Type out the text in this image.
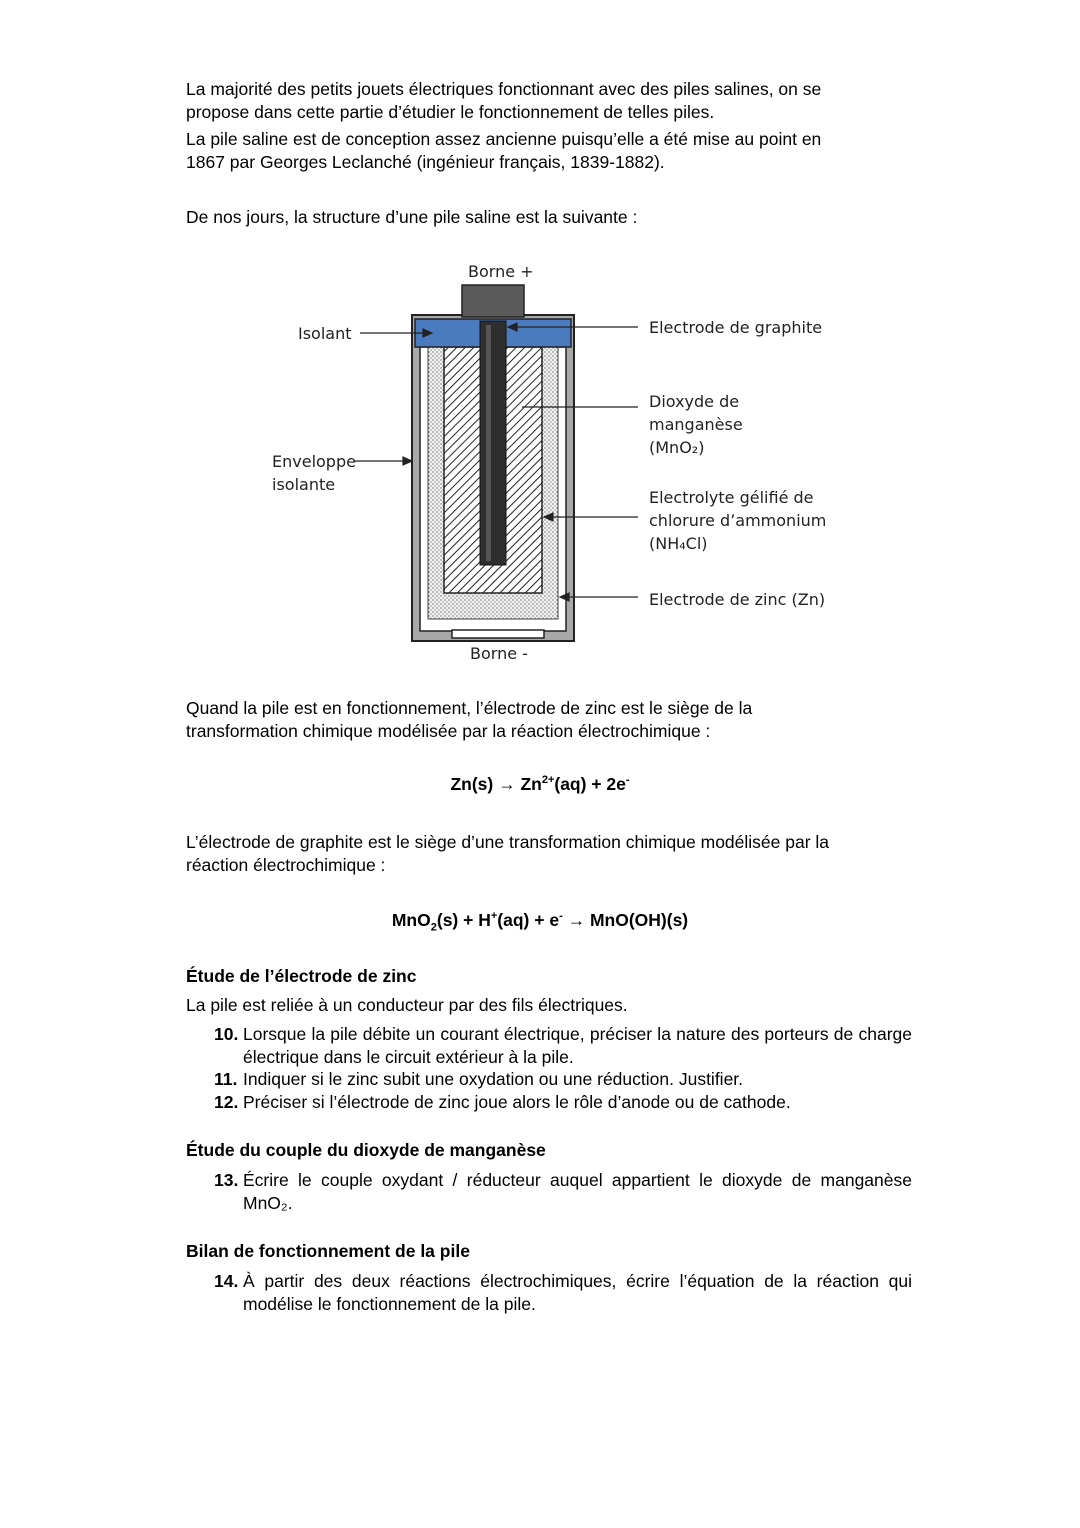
La majorité des petits jouets électriques fonctionnant avec des piles salines, on se
propose dans cette partie d’étudier le fonctionnement de telles piles.

La pile saline est de conception assez ancienne puisqu’elle a été mise au point en
1867 par Georges Leclanché (ingénieur français, 1839-1882).

De nos jours, la structure d’une pile saline est la suivante :

Borne +
Borne -
Isolant
Enveloppe
isolante
Electrode de graphite
Dioxyde de
manganèse
(MnO₂)
Electrolyte gélifié de
chlorure d’ammonium
(NH₄Cl)
Electrode de zinc (Zn)

Quand la pile est en fonctionnement, l’électrode de zinc est le siège de la
transformation chimique modélisée par la réaction électrochimique :

$Zn(s) \to Zn^{2+}(aq) + 2e^-$

L’électrode de graphite est le siège d’une transformation chimique modélisée par la
réaction électrochimique :

MnO$_2$(s) + H+(aq) + e- → MnO(OH)(s)

Étude de l’électrode de zinc

La pile est reliée à un conducteur par des fils électriques.

10. Lorsque la pile débite un courant électrique, préciser la nature des porteurs de charge électrique dans le circuit extérieur à la pile.
11. Indiquer si le zinc subit une oxydation ou une réduction. Justifier.
12. Préciser si l’électrode de zinc joue alors le rôle d’anode ou de cathode.

Étude du couple du dioxyde de manganèse

13. Écrire le couple oxydant / réducteur auquel appartient le dioxyde de manganèse MnO₂.

Bilan de fonctionnement de la pile

14. À partir des deux réactions électrochimiques, écrire l’équation de la réaction qui modélise le fonctionnement de la pile.
